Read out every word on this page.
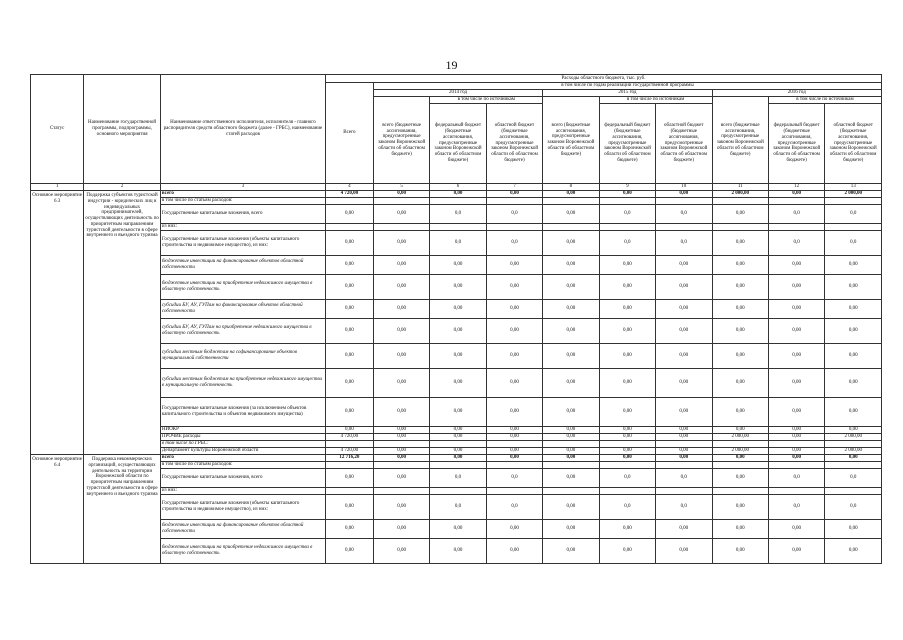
19
Статус	Наименование государственной программы, подпрограммы, основного мероприятия	Наименование ответственного исполнителя, исполнителя - главного распорядителя средств областного бюджета (далее - ГРБС), наименование статей расходов	Расходы областного бюджета, тыс. руб.									
			Всего	в том числе по годам реализации государственной программы								
				2014 год			2015 год			2016 год		
				всего (бюджетные ассигнования, предусмотренные законом Воронежской области об областном бюджете)	в том числе по источникам		всего (бюджетные ассигнования, предусмотренные законом Воронежской области об областном бюджете)	в том числе по источникам		всего (бюджетные ассигнования, предусмотренные законом Воронежской области об областном бюджете)	в том числе по источникам	
					федеральный бюджет (бюджетные ассигнования, предусмотренные законом Воронежской области об областном бюджете)	областной бюджет (бюджетные ассигнования, предусмотренные законом Воронежской области об областном бюджете)		федеральный бюджет (бюджетные ассигнования, предусмотренные законом Воронежской области об областном бюджете)	областной бюджет (бюджетные ассигнования, предусмотренные законом Воронежской области об областном бюджете)		федеральный бюджет (бюджетные ассигнования, предусмотренные законом Воронежской области об областном бюджете)	областной бюджет (бюджетные ассигнования, предусмотренные законом Воронежской области об областном бюджете)
1	2	3	4	5	6	7	8	9	10	11	12	13
Основное мероприятие 6.3	Поддержка субъектов туристской индустрии - юридических лиц и индивидуальных предпринимателей, осуществляющих деятельность по приоритетным направлениям туристской деятельности в сфере внутреннего и въездного туризма	всего	4 720,00	0,00	0,00	0,00	0,00	0,00	0,00	2 000,00	0,00	2 000,00
		в том числе по статьям расходов:										
		Государственные капитальные вложения, всего	0,00	0,00	0,0	0,0	0,00	0,0	0,0	0,00	0,0	0,0
		из них:										
		Государственные капитальные вложения (объекты капитального строительства и недвижимое имущество), из них:	0,00	0,00	0,0	0,0	0,00	0,0	0,0	0,00	0,0	0,0
		бюджетные инвестиции на финансирование объектов областной собственности	0,00	0,00	0,00	0,00	0,00	0,00	0,00	0,00	0,00	0,00
		бюджетные инвестиции на приобретение недвижимого имущества в областную собственность	0,00	0,00	0,00	0,00	0,00	0,00	0,00	0,00	0,00	0,00
		субсидии БУ, АУ, ГУПам на финансирование объектов областной собственности	0,00	0,00	0,00	0,00	0,00	0,00	0,00	0,00	0,00	0,00
		субсидии БУ, АУ, ГУПам на приобретение недвижимого имущества в областную собственность	0,00	0,00	0,00	0,00	0,00	0,00	0,00	0,00	0,00	0,00
		субсидии местным бюджетам на софинансирование объектов муниципальной собственности	0,00	0,00	0,00	0,00	0,00	0,00	0,00	0,00	0,00	0,00
		субсидии местным бюджетам на приобретение недвижимого имущества в муниципальную собственность	0,00	0,00	0,00	0,00	0,00	0,00	0,00	0,00	0,00	0,00
		Государственные капитальные вложения (за исключением объектов капитального строительства и объектов недвижимого имущества)	0,00	0,00	0,00	0,00	0,00	0,00	0,00	0,00	0,00	0,00
		НИОКР	0,00	0,00	0,00	0,00	0,00	0,00	0,00	0,00	0,00	0,00
		ПРОЧИЕ расходы	4 720,00	0,00	0,00	0,00	0,00	0,00	0,00	2 000,00	0,00	2 000,00
		в том числе по ГРБС:										
		Департамент культуры Воронежской области	4 720,00	0,00	0,00	0,00	0,00	0,00	0,00	2 000,00	0,00	2 000,00
Основное мероприятие 6.4	Поддержка некоммерческих организаций, осуществляющих деятельность на территории Воронежской области по приоритетным направлениям туристской деятельности в сфере внутреннего и въездного туризма	всего	12 716,20	0,00	0,00	0,00	0,00	0,00	0,00	0,00	0,00	0,00
		в том числе по статьям расходов:										
		Государственные капитальные вложения, всего	0,00	0,00	0,0	0,0	0,00	0,0	0,0	0,00	0,0	0,0
		из них:										
		Государственные капитальные вложения (объекты капитального строительства и недвижимое имущество), из них:	0,00	0,00	0,0	0,0	0,00	0,0	0,0	0,00	0,0	0,0
		бюджетные инвестиции на финансирование объектов областной собственности	0,00	0,00	0,00	0,00	0,00	0,00	0,00	0,00	0,00	0,00
		бюджетные инвестиции на приобретение недвижимого имущества в областную собственность	0,00	0,00	0,00	0,00	0,00	0,00	0,00	0,00	0,00	0,00
